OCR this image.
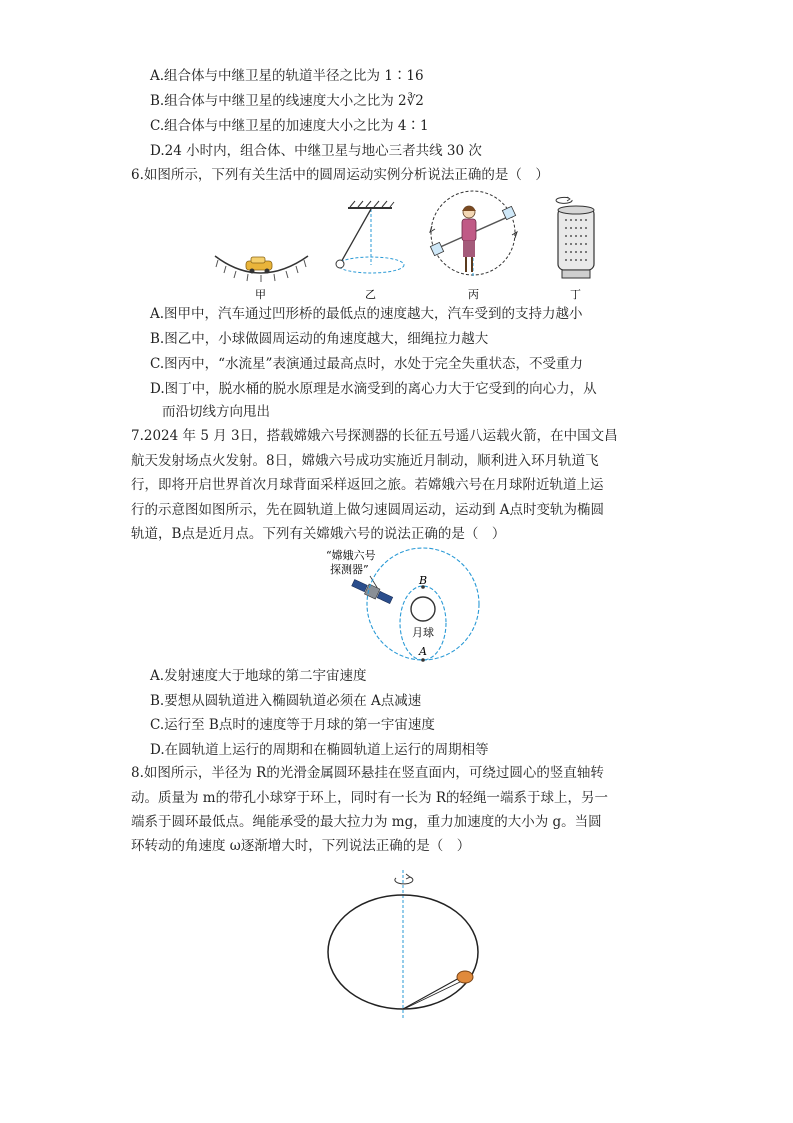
A.组合体与中继卫星的轨道半径之比为 1∶16
B.组合体与中继卫星的线速度大小之比为 2∛2
C.组合体与中继卫星的加速度大小之比为 4∶1
D.24 小时内，组合体、中继卫星与地心三者共线 30 次
6.如图所示，下列有关生活中的圆周运动实例分析说法正确的是（　）
甲	乙	丙	丁
A.图甲中，汽车通过凹形桥的最低点的速度越大，汽车受到的支持力越小
B.图乙中，小球做圆周运动的角速度越大，细绳拉力越大
C.图丙中，“水流星”表演通过最高点时，水处于完全失重状态，不受重力
D.图丁中，脱水桶的脱水原理是水滴受到的离心力大于它受到的向心力，从
而沿切线方向甩出
7.2024 年 5 月 3日，搭载嫦娥六号探测器的长征五号遥八运载火箭，在中国文昌
航天发射场点火发射。8日，嫦娥六号成功实施近月制动，顺利进入环月轨道飞
行，即将开启世界首次月球背面采样返回之旅。若嫦娥六号在月球附近轨道上运
行的示意图如图所示，先在圆轨道上做匀速圆周运动，运动到 A点时变轨为椭圆
轨道，B点是近月点。下列有关嫦娥六号的说法正确的是（　）
“嫦娥六号
探测器”
B
A
月球
A.发射速度大于地球的第二宇宙速度
B.要想从圆轨道进入椭圆轨道必须在 A点减速
C.运行至 B点时的速度等于月球的第一宇宙速度
D.在圆轨道上运行的周期和在椭圆轨道上运行的周期相等
8.如图所示，半径为 R的光滑金属圆环悬挂在竖直面内，可绕过圆心的竖直轴转
动。质量为 m的带孔小球穿于环上，同时有一长为 R的轻绳一端系于球上，另一
端系于圆环最低点。绳能承受的最大拉力为 mg，重力加速度的大小为 g。当圆
环转动的角速度 ω逐渐增大时，下列说法正确的是（　）
